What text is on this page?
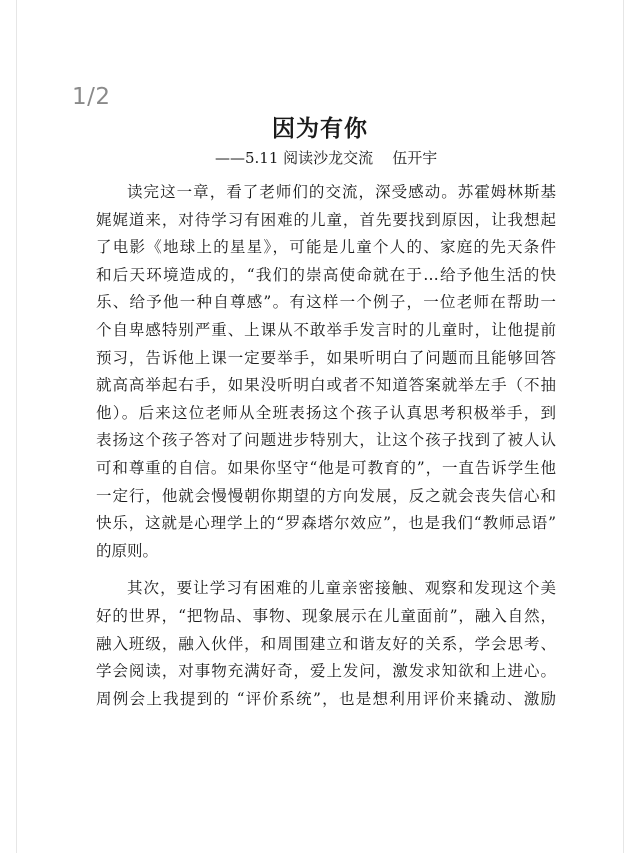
1/2
因为有你
——5.11 阅读沙龙交流    伍开宇
读完这一章，看了老师们的交流，深受感动。苏霍姆林斯基
娓娓道来，对待学习有困难的儿童，首先要找到原因，让我想起
了电影《地球上的星星》，可能是儿童个人的、家庭的先天条件
和后天环境造成的，“我们的崇高使命就在于…给予他生活的快
乐、给予他一种自尊感”。有这样一个例子，一位老师在帮助一
个自卑感特别严重、上课从不敢举手发言时的儿童时，让他提前
预习，告诉他上课一定要举手，如果听明白了问题而且能够回答
就高高举起右手，如果没听明白或者不知道答案就举左手（不抽
他）。后来这位老师从全班表扬这个孩子认真思考积极举手，到
表扬这个孩子答对了问题进步特别大，让这个孩子找到了被人认
可和尊重的自信。如果你坚守“他是可教育的”，一直告诉学生他
一定行，他就会慢慢朝你期望的方向发展，反之就会丧失信心和
快乐，这就是心理学上的“罗森塔尔效应”，也是我们“教师忌语”
的原则。
其次，要让学习有困难的儿童亲密接触、观察和发现这个美
好的世界，“把物品、事物、现象展示在儿童面前”，融入自然，
融入班级，融入伙伴，和周围建立和谐友好的关系，学会思考、
学会阅读，对事物充满好奇，爱上发问，激发求知欲和上进心。
周例会上我提到的 “评价系统”，也是想利用评价来撬动、激励
